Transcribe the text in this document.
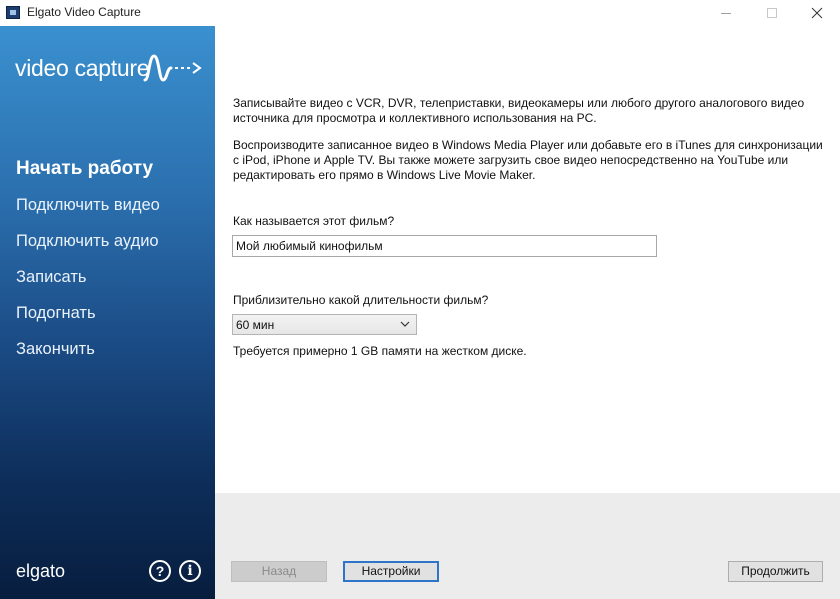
Elgato Video Capture
video capture
Начать работу
Подключить видео
Подключить аудио
Записать
Подогнать
Закончить
elgato	?	i
Записывайте видео с VCR, DVR, телеприставки, видеокамеры или любого другого аналогового видео источника для просмотра и коллективного использования на PC.
Воспроизводите записанное видео в Windows Media Player или добавьте его в iTunes для синхронизации с iPod, iPhone и Apple TV. Вы также можете загрузить свое видео непосредственно на YouTube или редактировать его прямо в Windows Live Movie Maker.
Как называется этот фильм?
Мой любимый кинофильм
Приблизительно какой длительности фильм?
60 мин
Требуется примерно 1 GB памяти на жестком диске.
Назад	Настройки	Продолжить
